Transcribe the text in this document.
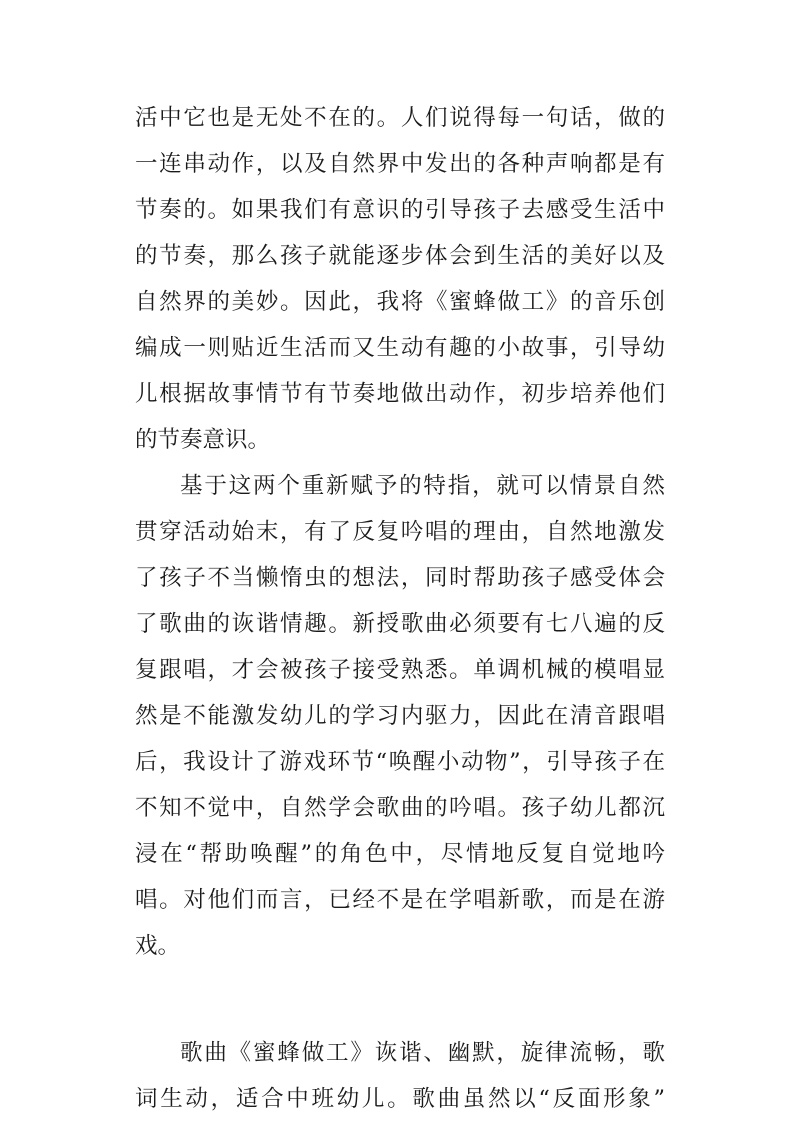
活中它也是无处不在的。人们说得每一句话，做的

一连串动作，以及自然界中发出的各种声响都是有

节奏的。如果我们有意识的引导孩子去感受生活中

的节奏，那么孩子就能逐步体会到生活的美好以及

自然界的美妙。因此，我将《蜜蜂做工》的音乐创

编成一则贴近生活而又生动有趣的小故事，引导幼

儿根据故事情节有节奏地做出动作，初步培养他们

的节奏意识。

基于这两个重新赋予的特指，就可以情景自然

贯穿活动始末，有了反复吟唱的理由，自然地激发

了孩子不当懒惰虫的想法，同时帮助孩子感受体会

了歌曲的诙谐情趣。新授歌曲必须要有七八遍的反

复跟唱，才会被孩子接受熟悉。单调机械的模唱显

然是不能激发幼儿的学习内驱力，因此在清音跟唱

后，我设计了游戏环节“唤醒小动物”，引导孩子在

不知不觉中，自然学会歌曲的吟唱。孩子幼儿都沉

浸在“帮助唤醒”的角色中，尽情地反复自觉地吟

唱。对他们而言，已经不是在学唱新歌，而是在游

戏。

歌曲《蜜蜂做工》诙谐、幽默，旋律流畅，歌

词生动，适合中班幼儿。歌曲虽然以“反面形象”
